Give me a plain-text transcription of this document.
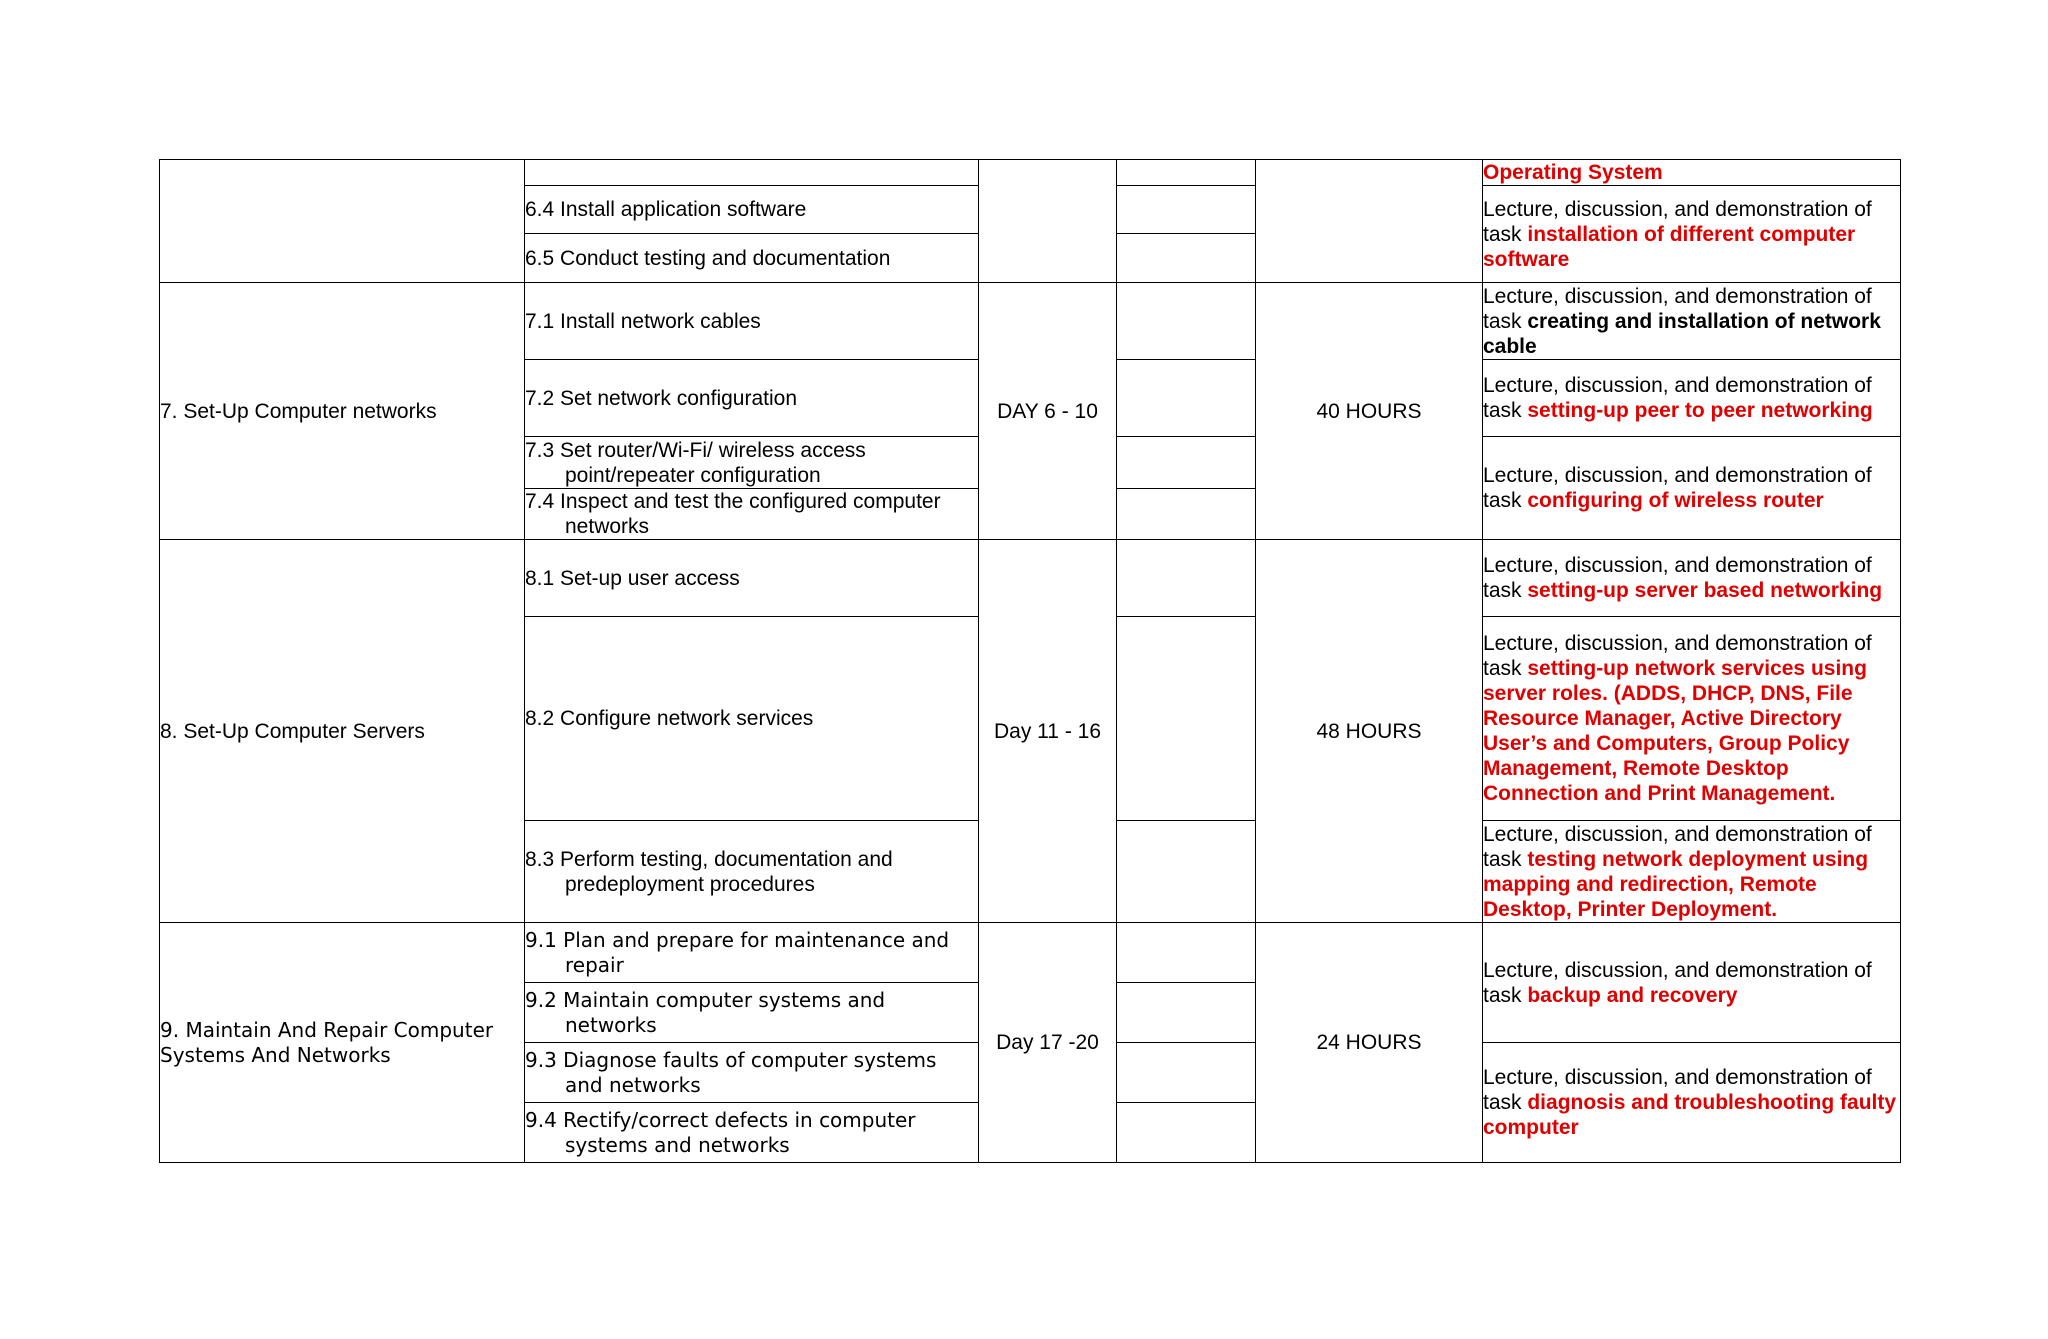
					Operating System
	6.4 Install application software				Lecture, discussion, and demonstration of task installation of different computer software
	6.5 Conduct testing and documentation				
7. Set-Up Computer networks	7.1 Install network cables	DAY 6 - 10		40 HOURS	Lecture, discussion, and demonstration of task creating and installation of network cable
	7.2 Set network configuration				Lecture, discussion, and demonstration of task setting-up peer to peer networking

	7.3 Set router/Wi-Fi/ wireless access point/repeater configuration				Lecture, discussion, and demonstration of task configuring of wireless router

	7.4 Inspect and test the configured computer networks				

8. Set-Up Computer Servers	8.1 Set-up user access	Day 11 - 16		48 HOURS	Lecture, discussion, and demonstration of task setting-up server based networking
	8.2 Configure network services				Lecture, discussion, and demonstration of task setting-up network services using server roles. (ADDS, DHCP, DNS, File Resource Manager, Active Directory User’s and Computers, Group Policy Management, Remote Desktop Connection and Print Management.

	8.3 Perform testing, documentation and predeployment procedures				Lecture, discussion, and demonstration of task testing network deployment using mapping and redirection, Remote Desktop, Printer Deployment.
9. Maintain And Repair Computer Systems And Networks	9.1 Plan and prepare for maintenance and repair	Day 17 -20		24 HOURS	Lecture, discussion, and demonstration of task backup and recovery

	9.2 Maintain computer systems and networks				

	9.3 Diagnose faults of computer systems and networks				Lecture, discussion, and demonstration of task diagnosis and troubleshooting faulty computer

	9.4 Rectify/correct defects in computer systems and networks				
